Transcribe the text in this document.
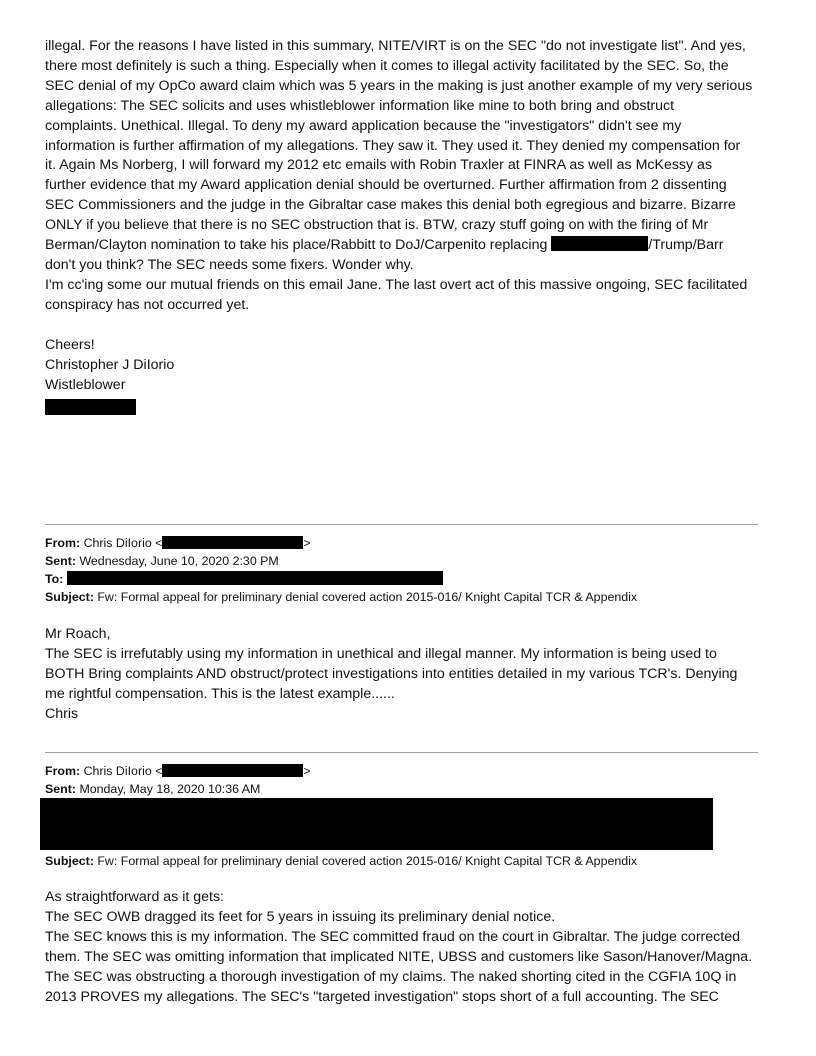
illegal. For the reasons I have listed in this summary, NITE/VIRT is on the SEC "do not investigate list". And yes,
there most definitely is such a thing. Especially when it comes to illegal activity facilitated by the SEC. So, the
SEC denial of my OpCo award claim which was 5 years in the making is just another example of my very serious
allegations: The SEC solicits and uses whistleblower information like mine to both bring and obstruct
complaints. Unethical. Illegal. To deny my award application because the "investigators" didn't see my
information is further affirmation of my allegations. They saw it. They used it. They denied my compensation for
it. Again Ms Norberg, I will forward my 2012 etc emails with Robin Traxler at FINRA as well as McKessy as
further evidence that my Award application denial should be overturned. Further affirmation from 2 dissenting
SEC Commissioners and the judge in the Gibraltar case makes this denial both egregious and bizarre. Bizarre
ONLY if you believe that there is no SEC obstruction that is. BTW, crazy stuff going on with the firing of Mr
Berman/Clayton nomination to take his place/Rabbitt to DoJ/Carpenito replacing	/Trump/Barr
don't you think? The SEC needs some fixers. Wonder why.
I'm cc'ing some our mutual friends on this email Jane. The last overt act of this massive ongoing, SEC facilitated
conspiracy has not occurred yet.
Cheers!
Christopher J DiIorio
Wistleblower
From: Chris DiIorio <	>
Sent: Wednesday, June 10, 2020 2:30 PM
To:
Subject: Fw: Formal appeal for preliminary denial covered action 2015-016/ Knight Capital TCR & Appendix
Mr Roach,
The SEC is irrefutably using my information in unethical and illegal manner. My information is being used to
BOTH Bring complaints AND obstruct/protect investigations into entities detailed in my various TCR's. Denying
me rightful compensation. This is the latest example......
Chris
From: Chris DiIorio <	>
Sent: Monday, May 18, 2020 10:36 AM
Subject: Fw: Formal appeal for preliminary denial covered action 2015-016/ Knight Capital TCR & Appendix
As straightforward as it gets:
The SEC OWB dragged its feet for 5 years in issuing its preliminary denial notice.
The SEC knows this is my information. The SEC committed fraud on the court in Gibraltar. The judge corrected
them. The SEC was omitting information that implicated NITE, UBSS and customers like Sason/Hanover/Magna.
The SEC was obstructing a thorough investigation of my claims. The naked shorting cited in the CGFIA 10Q in
2013 PROVES my allegations. The SEC's "targeted investigation" stops short of a full accounting. The SEC
